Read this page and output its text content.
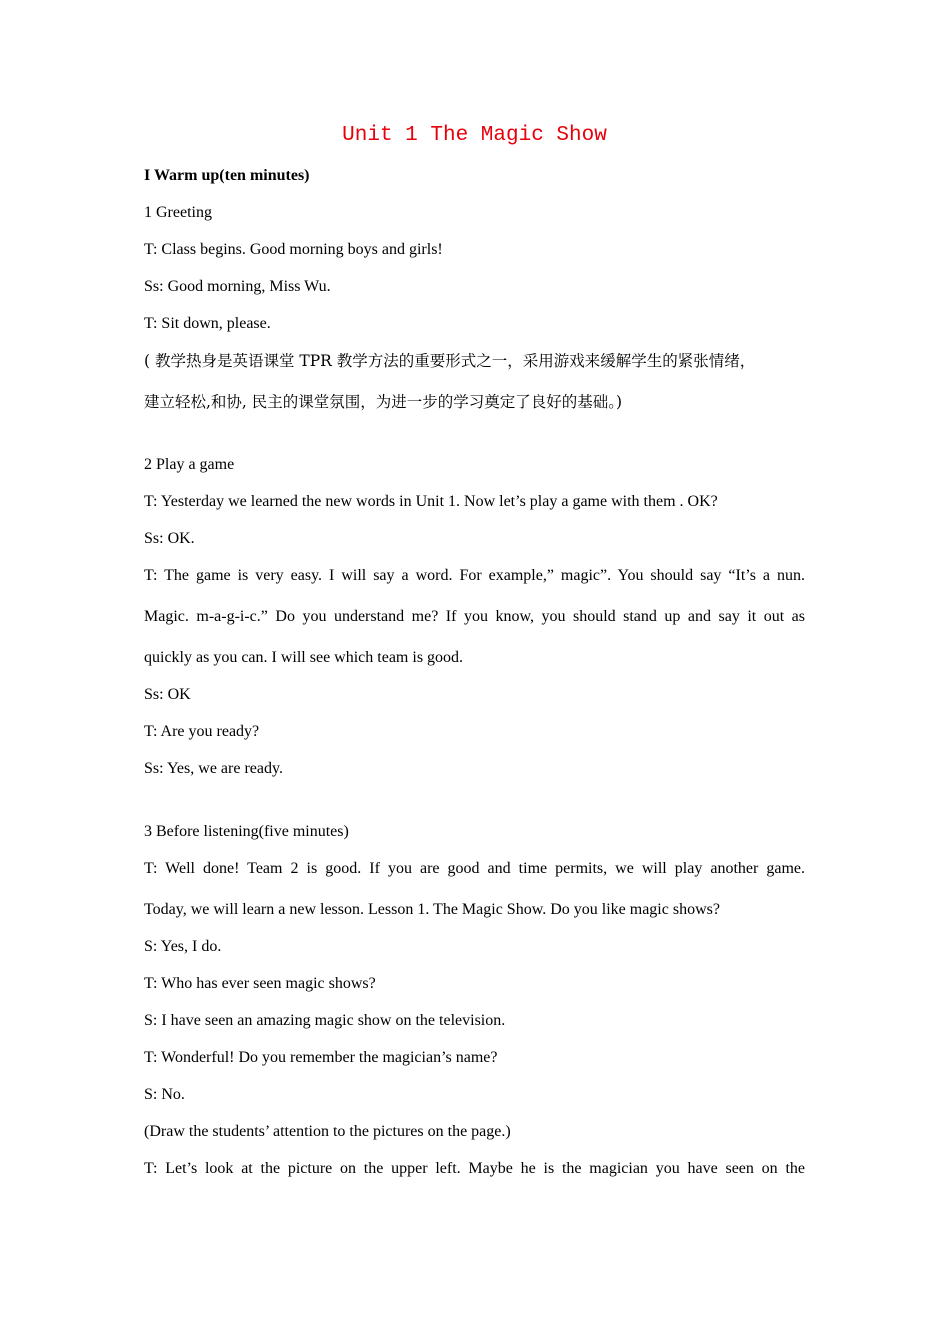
Unit 1 The Magic Show
I Warm up(ten minutes)
1 Greeting
T: Class begins. Good morning boys and girls!
Ss: Good morning, Miss Wu.
T: Sit down, please.
( 教学热身是英语课堂 TPR 教学方法的重要形式之一，采用游戏来缓解学生的紧张情绪，
建立轻松,和协, 民主的课堂氛围，为进一步的学习奠定了良好的基础。)
2 Play a game
T: Yesterday we learned the new words in Unit 1. Now let’s play a game with them . OK?
Ss: OK.
T: The game is very easy. I will say a word. For example,” magic”. You should say “It’s a nun.
Magic. m-a-g-i-c.” Do you understand me? If you know, you should stand up and say it out as
quickly as you can. I will see which team is good.
Ss: OK
T: Are you ready?
Ss: Yes, we are ready.
3 Before listening(five minutes)
T: Well done! Team 2 is good. If you are good and time permits, we will play another game.
Today, we will learn a new lesson. Lesson 1. The Magic Show. Do you like magic shows?
S: Yes, I do.
T: Who has ever seen magic shows?
S: I have seen an amazing magic show on the television.
T: Wonderful! Do you remember the magician’s name?
S: No.
(Draw the students’ attention to the pictures on the page.)
T: Let’s look at the picture on the upper left. Maybe he is the magician you have seen on the
